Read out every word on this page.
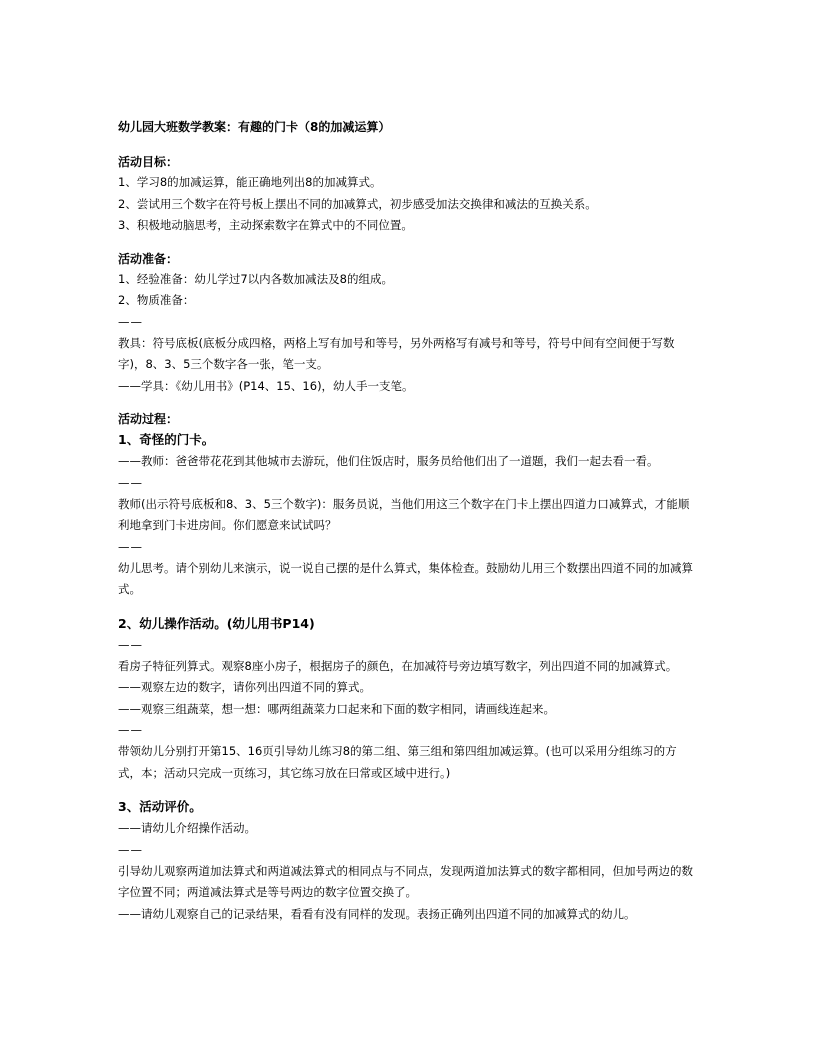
幼儿园大班数学教案：有趣的门卡（8的加减运算）
活动目标：
1、学习8的加减运算，能正确地列出8的加减算式。
2、尝试用三个数字在符号板上摆出不同的加减算式，初步感受加法交换律和减法的互换关系。
3、积极地动脑思考，主动探索数字在算式中的不同位置。
活动准备：
1、经验准备：幼儿学过7以内各数加减法及8的组成。
2、物质准备：
——
教具：符号底板(底板分成四格，两格上写有加号和等号，另外两格写有减号和等号，符号中间有空间便于写数字)，8、3、5三个数字各一张，笔一支。
——学具：《幼儿用书》(P14、15、16)，幼人手一支笔。
活动过程：
1、奇怪的门卡。
——教师：爸爸带花花到其他城市去游玩，他们住饭店时，服务员给他们出了一道题，我们一起去看一看。
——
教师(出示符号底板和8、3、5三个数字)：服务员说，当他们用这三个数字在门卡上摆出四道力口减算式，才能顺利地拿到门卡进房间。你们愿意来试试吗？
——
幼儿思考。请个别幼儿来演示，说一说自己摆的是什么算式，集体检查。鼓励幼儿用三个数摆出四道不同的加减算式。
2、幼儿操作活动。(幼儿用书P14)
——
看房子特征列算式。观察8座小房子，根据房子的颜色，在加减符号旁边填写数字，列出四道不同的加减算式。
——观察左边的数字，请你列出四道不同的算式。
——观察三组蔬菜，想一想：哪两组蔬菜力口起来和下面的数字相同，请画线连起来。
——
带领幼儿分别打开第15、16页引导幼儿练习8的第二组、第三组和第四组加减运算。(也可以采用分组练习的方式，本；活动只完成一页练习，其它练习放在曰常或区域中进行。)
3、活动评价。
——请幼儿介绍操作活动。
——
引导幼儿观察两道加法算式和两道减法算式的相同点与不同点，发现两道加法算式的数字都相同，但加号两边的数字位置不同；两道减法算式是等号两边的数字位置交换了。
——请幼儿观察自己的记录结果，看看有没有同样的发现。表扬正确列出四道不同的加减算式的幼儿。
